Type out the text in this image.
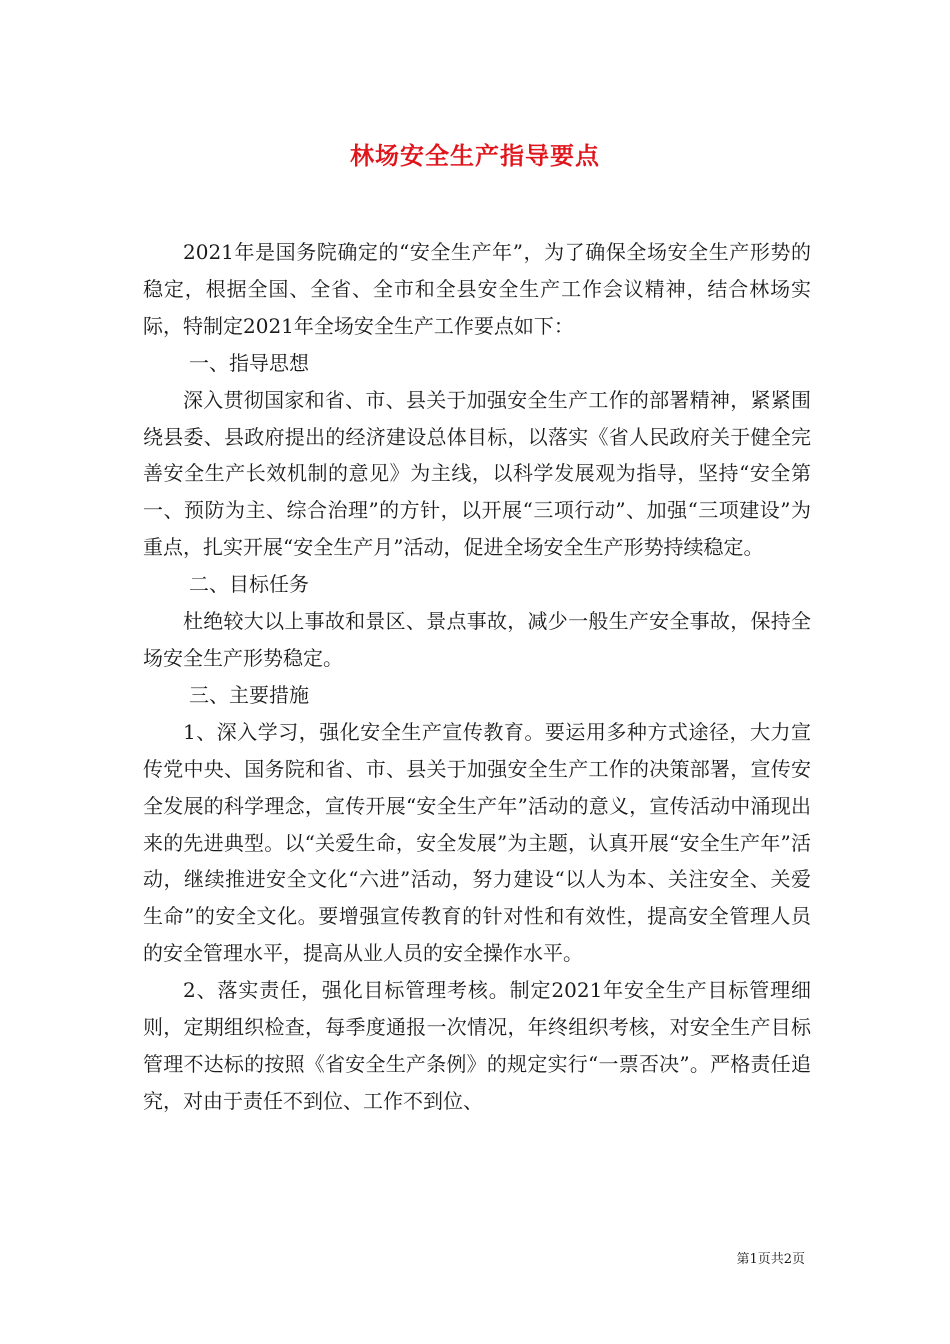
林场安全生产指导要点

2021年是国务院确定的“安全生产年”，为了确保全场安全生产形势的稳定，根据全国、全省、全市和全县安全生产工作会议精神，结合林场实际，特制定2021年全场安全生产工作要点如下：

一、指导思想

深入贯彻国家和省、市、县关于加强安全生产工作的部署精神，紧紧围绕县委、县政府提出的经济建设总体目标，以落实《省人民政府关于健全完善安全生产长效机制的意见》为主线，以科学发展观为指导，坚持“安全第一、预防为主、综合治理”的方针，以开展“三项行动”、加强“三项建设”为重点，扎实开展“安全生产月”活动，促进全场安全生产形势持续稳定。

二、目标任务

杜绝较大以上事故和景区、景点事故，减少一般生产安全事故，保持全场安全生产形势稳定。

三、主要措施

1、深入学习，强化安全生产宣传教育。要运用多种方式途径，大力宣传党中央、国务院和省、市、县关于加强安全生产工作的决策部署，宣传安全发展的科学理念，宣传开展“安全生产年”活动的意义，宣传活动中涌现出来的先进典型。以“关爱生命，安全发展”为主题，认真开展“安全生产年”活动，继续推进安全文化“六进”活动，努力建设“以人为本、关注安全、关爱生命”的安全文化。要增强宣传教育的针对性和有效性，提高安全管理人员的安全管理水平，提高从业人员的安全操作水平。

2、落实责任，强化目标管理考核。制定2021年安全生产目标管理细则，定期组织检查，每季度通报一次情况，年终组织考核，对安全生产目标管理不达标的按照《省安全生产条例》的规定实行“一票否决”。严格责任追究，对由于责任不到位、工作不到位、

第1页共2页
